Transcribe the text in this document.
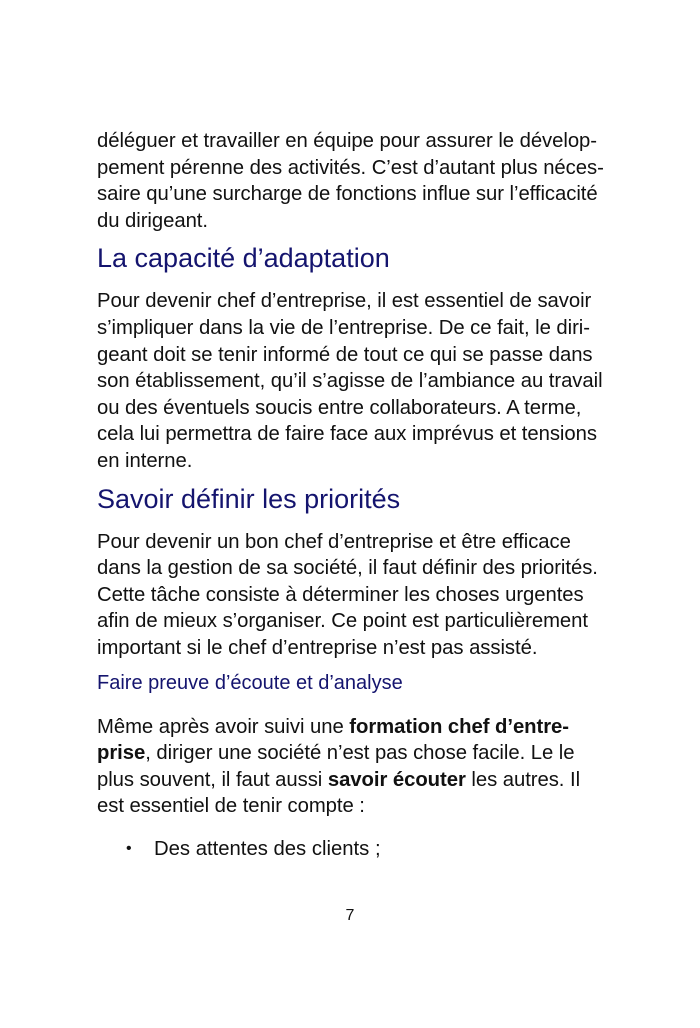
déléguer et travailler en équipe pour assurer le dévelop-
pement pérenne des activités. C’est d’autant plus néces-
saire qu’une surcharge de fonctions influe sur l’efficacité
du dirigeant.

La capacité d’adaptation

Pour devenir chef d’entreprise, il est essentiel de savoir
s’impliquer dans la vie de l’entreprise. De ce fait, le diri-
geant doit se tenir informé de tout ce qui se passe dans
son établissement, qu’il s’agisse de l’ambiance au travail
ou des éventuels soucis entre collaborateurs. A terme,
cela lui permettra de faire face aux imprévus et tensions
en interne.

Savoir définir les priorités

Pour devenir un bon chef d’entreprise et être efficace
dans la gestion de sa société, il faut définir des priorités.
Cette tâche consiste à déterminer les choses urgentes
afin de mieux s’organiser. Ce point est particulièrement
important si le chef d’entreprise n’est pas assisté.

Faire preuve d’écoute et d’analyse

Même après avoir suivi une formation chef d’entre-
prise, diriger une société n’est pas chose facile. Le le
plus souvent, il faut aussi savoir écouter les autres. Il
est essentiel de tenir compte :

• Des attentes des clients ;
7
